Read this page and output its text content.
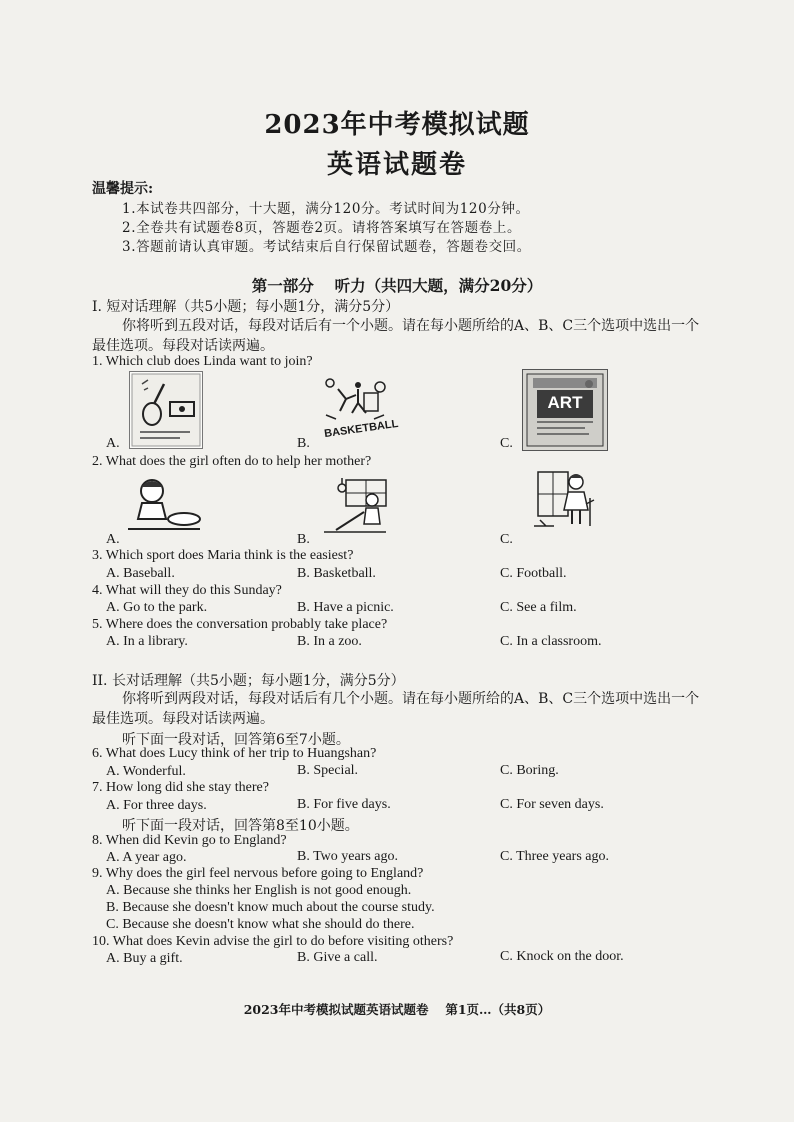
2023年中考模拟试题
英语试题卷
温馨提示:
1.本试卷共四部分，十大题，满分120分。考试时间为120分钟。
2.全卷共有试题卷8页，答题卷2页。请将答案填写在答题卷上。
3.答题前请认真审题。考试结束后自行保留试题卷，答题卷交回。
第一部分　 听力（共四大题，满分20分）
I. 短对话理解（共5小题；每小题1分，满分5分）
你将听到五段对话，每段对话后有一个小题。请在每小题所给的A、B、C三个选项中选出一个最佳选项。每段对话读两遍。
1. Which club does Linda want to join?
A.	B.
BASKETBALL
C.
ART
2. What does the girl often do to help her mother?
A.	B.	C.
3. Which sport does Maria think is the easiest?
A. Baseball.	B. Basketball.	C. Football.
4. What will they do this Sunday?
A. Go to the park.	B. Have a picnic.	C. See a film.
5. Where does the conversation probably take place?
A. In a library.	B. In a zoo.	C. In a classroom.
II. 长对话理解（共5小题；每小题1分，满分5分）
你将听到两段对话，每段对话后有几个小题。请在每小题所给的A、B、C三个选项中选出一个最佳选项。每段对话读两遍。
听下面一段对话，回答第6至7小题。
6. What does Lucy think of her trip to Huangshan?
A. Wonderful.	B. Special.	C. Boring.
7. How long did she stay there?
A. For three days.	B. For five days.	C. For seven days.
听下面一段对话，回答第8至10小题。
8. When did Kevin go to England?
A. A year ago.	B. Two years ago.	C. Three years ago.
9. Why does the girl feel nervous before going to England?
A. Because she thinks her English is not good enough.
B. Because she doesn't know much about the course study.
C. Because she doesn't know what she should do there.
10. What does Kevin advise the girl to do before visiting others?
A. Buy a gift.	B. Give a call.	C. Knock on the door.
2023年中考模拟试题英语试题卷　 第1页…（共8页）
